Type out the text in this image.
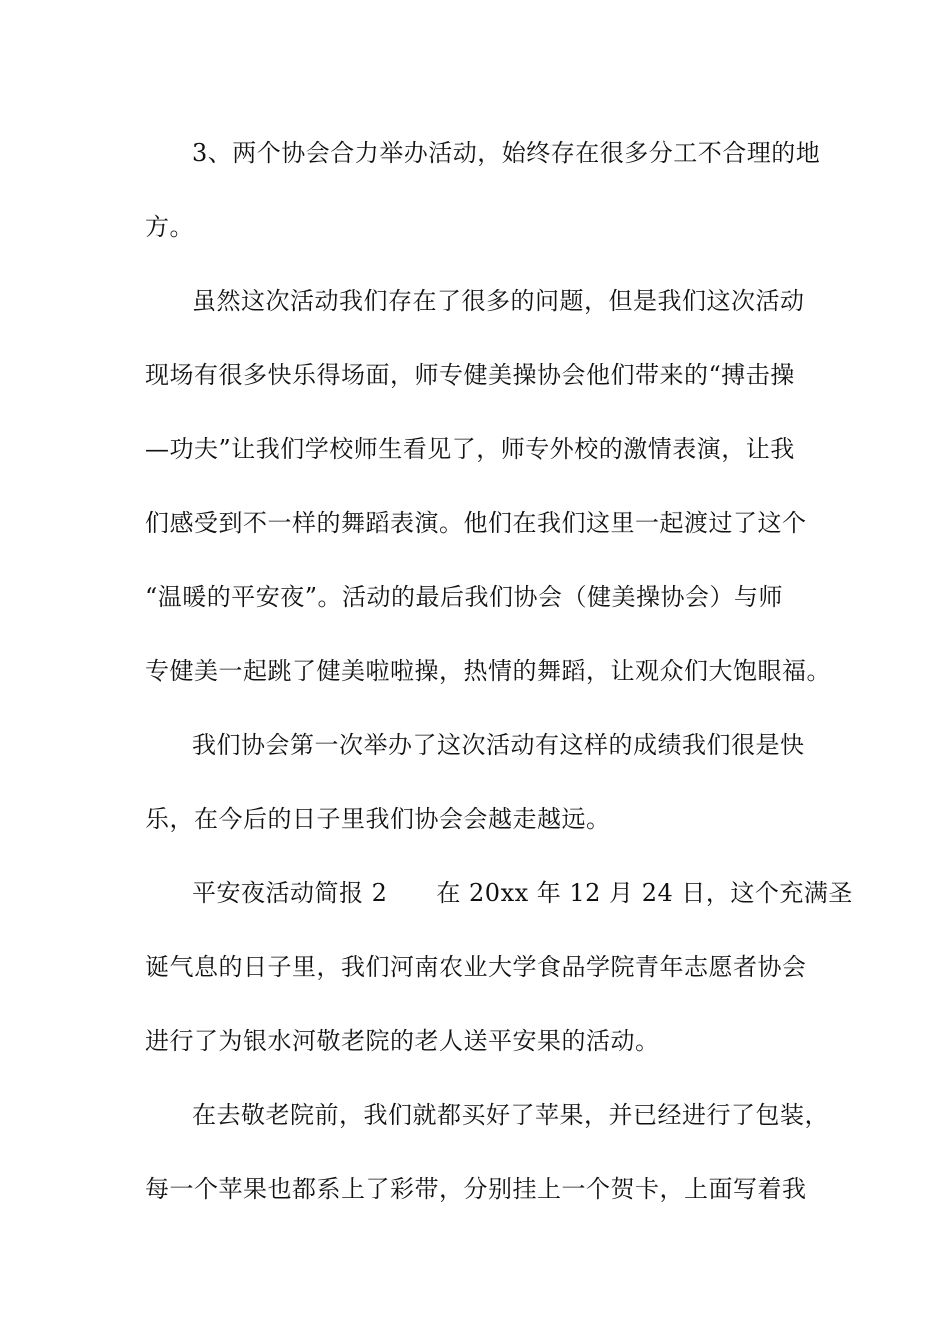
3、两个协会合力举办活动，始终存在很多分工不合理的地
方。
虽然这次活动我们存在了很多的问题，但是我们这次活动
现场有很多快乐得场面，师专健美操协会他们带来的“搏击操
—功夫”让我们学校师生看见了，师专外校的激情表演，让我
们感受到不一样的舞蹈表演。他们在我们这里一起渡过了这个
“温暖的平安夜”。活动的最后我们协会（健美操协会）与师
专健美一起跳了健美啦啦操，热情的舞蹈，让观众们大饱眼福。
我们协会第一次举办了这次活动有这样的成绩我们很是快
乐，在今后的日子里我们协会会越走越远。
平安夜活动简报 2　　在 20xx 年 12 月 24 日，这个充满圣
诞气息的日子里，我们河南农业大学食品学院青年志愿者协会
进行了为银水河敬老院的老人送平安果的活动。
在去敬老院前，我们就都买好了苹果，并已经进行了包装，
每一个苹果也都系上了彩带，分别挂上一个贺卡，上面写着我
